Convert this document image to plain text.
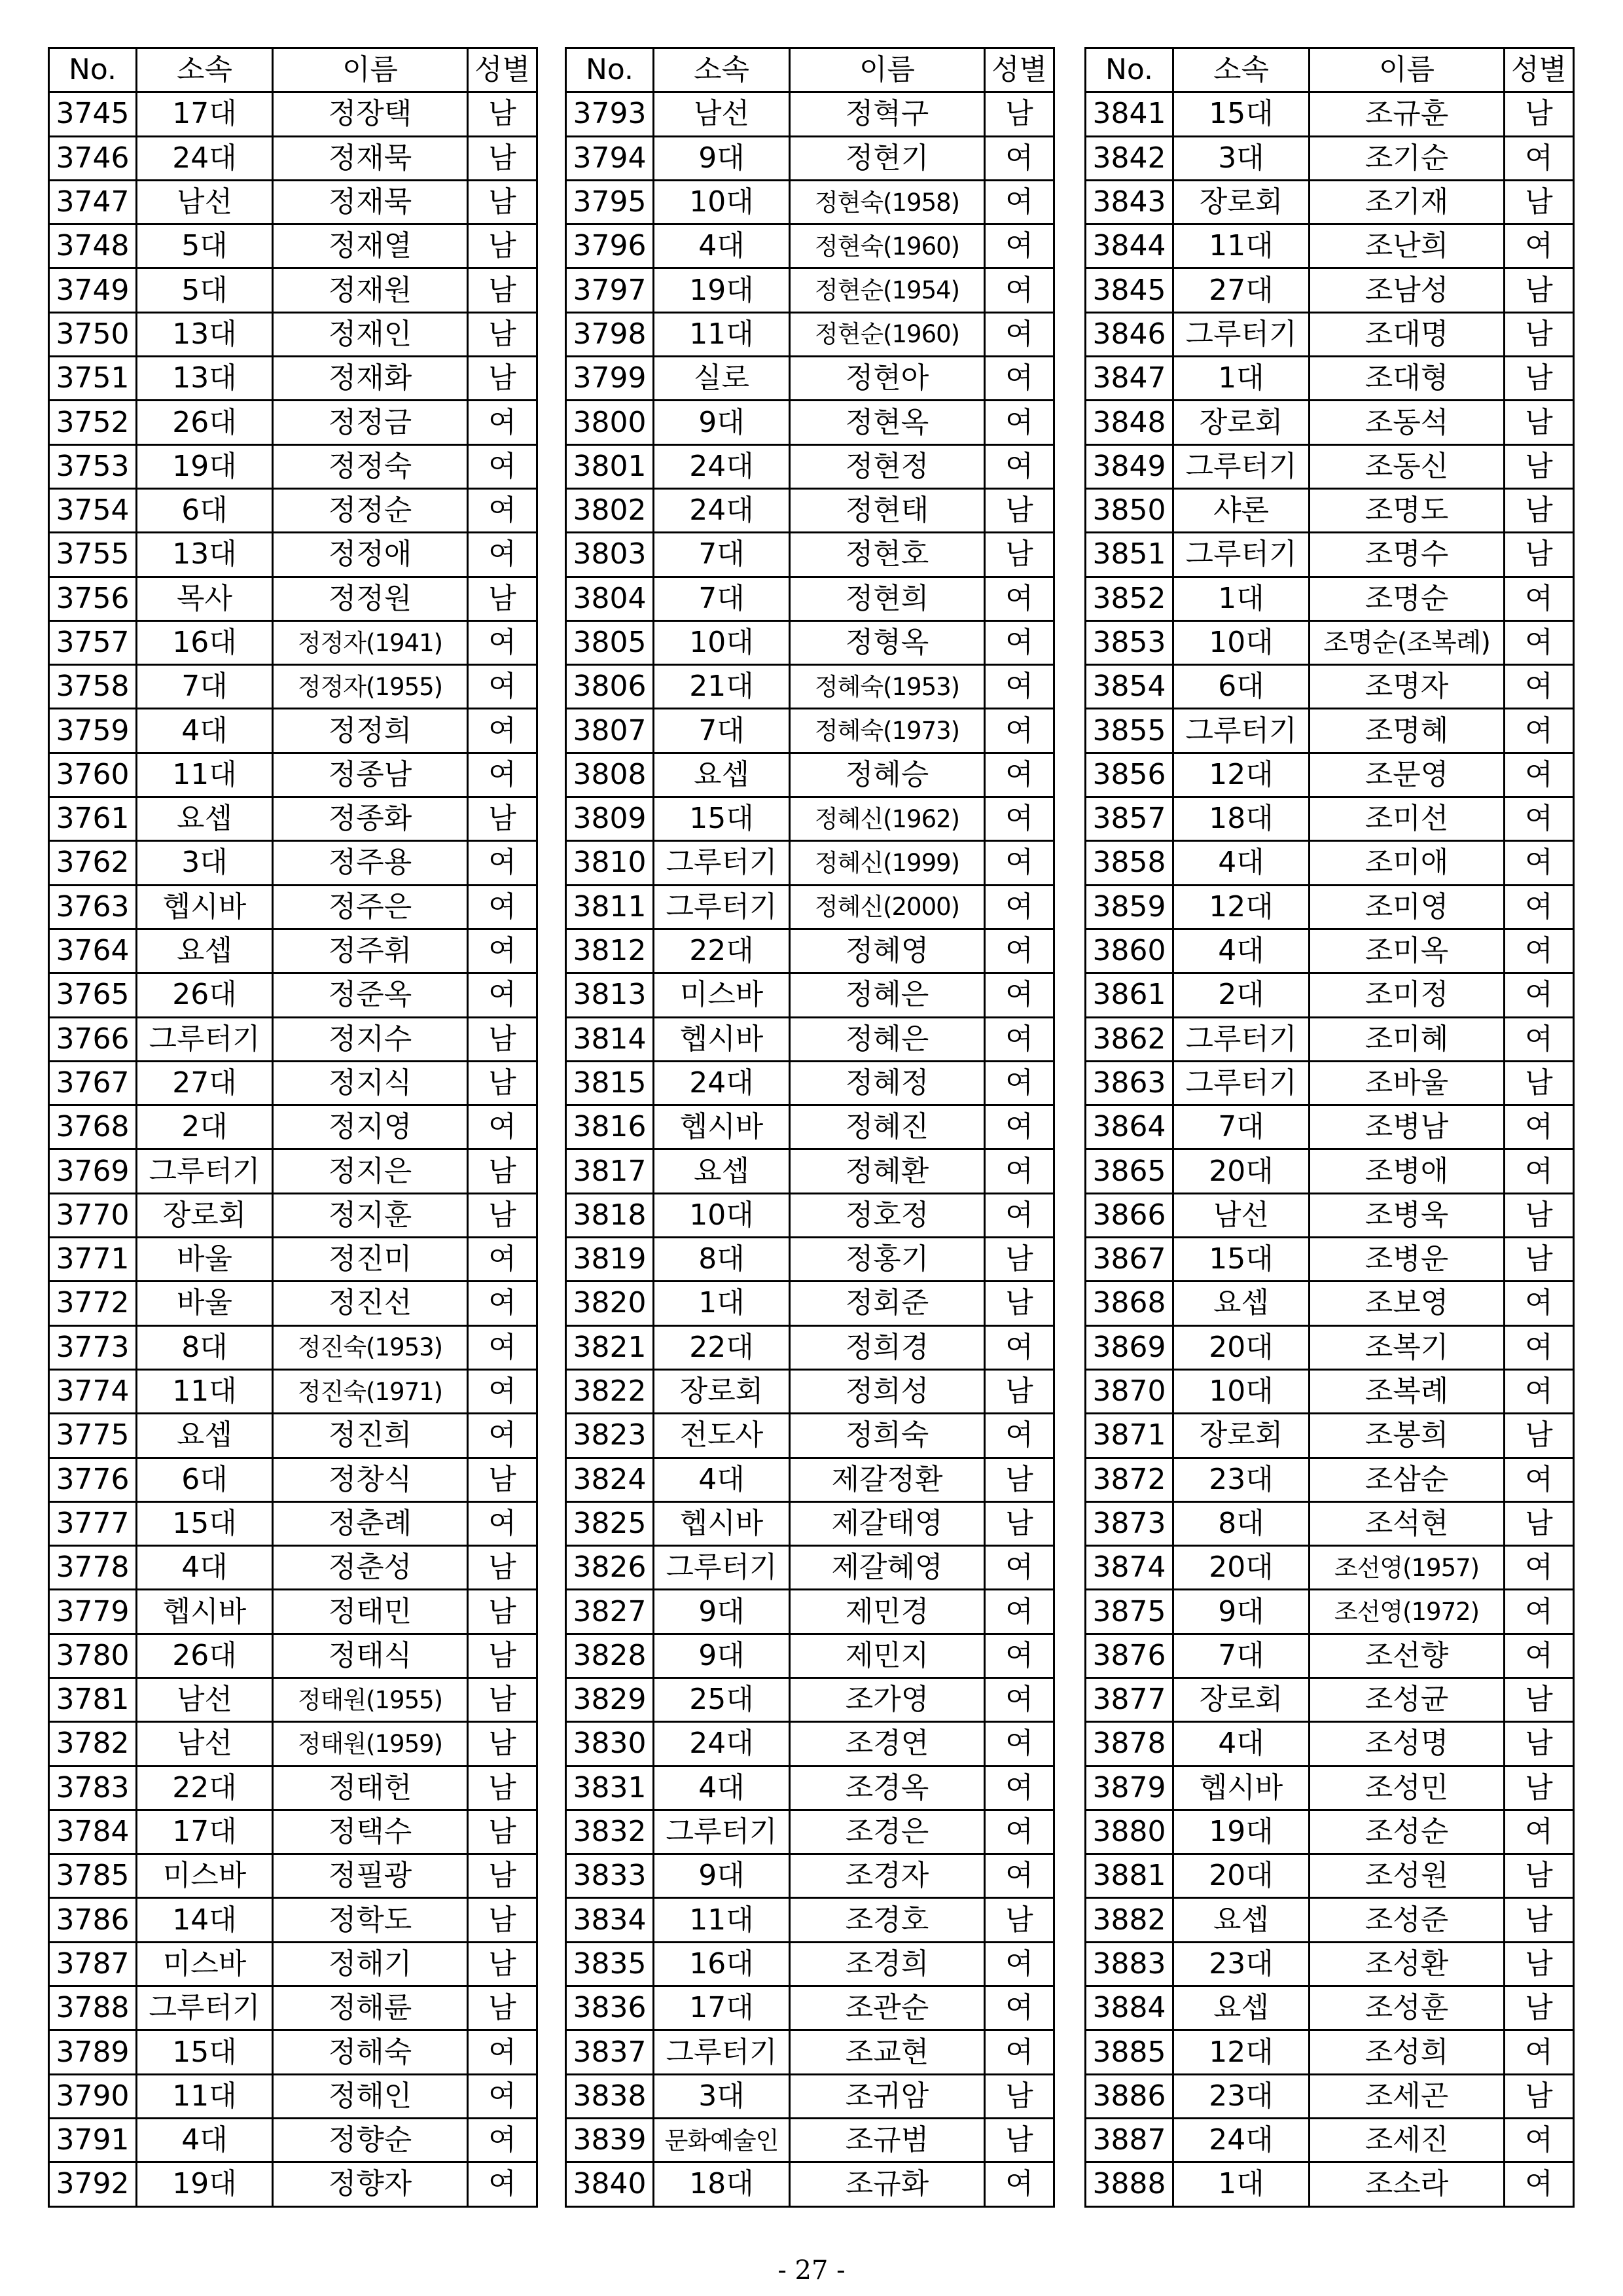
No.	소속	이름	성별
3745	17대	정장택	남
3746	24대	정재묵	남
3747	남선	정재묵	남
3748	5대	정재열	남
3749	5대	정재원	남
3750	13대	정재인	남
3751	13대	정재화	남
3752	26대	정정금	여
3753	19대	정정숙	여
3754	6대	정정순	여
3755	13대	정정애	여
3756	목사	정정원	남
3757	16대	정정자(1941)	여
3758	7대	정정자(1955)	여
3759	4대	정정희	여
3760	11대	정종남	여
3761	요셉	정종화	남
3762	3대	정주용	여
3763	헵시바	정주은	여
3764	요셉	정주휘	여
3765	26대	정준옥	여
3766	그루터기	정지수	남
3767	27대	정지식	남
3768	2대	정지영	여
3769	그루터기	정지은	남
3770	장로회	정지훈	남
3771	바울	정진미	여
3772	바울	정진선	여
3773	8대	정진숙(1953)	여
3774	11대	정진숙(1971)	여
3775	요셉	정진희	여
3776	6대	정창식	남
3777	15대	정춘례	여
3778	4대	정춘성	남
3779	헵시바	정태민	남
3780	26대	정태식	남
3781	남선	정태원(1955)	남
3782	남선	정태원(1959)	남
3783	22대	정태헌	남
3784	17대	정택수	남
3785	미스바	정필광	남
3786	14대	정학도	남
3787	미스바	정해기	남
3788	그루터기	정해륜	남
3789	15대	정해숙	여
3790	11대	정해인	여
3791	4대	정향순	여
3792	19대	정향자	여
No.	소속	이름	성별
3793	남선	정혁구	남
3794	9대	정현기	여
3795	10대	정현숙(1958)	여
3796	4대	정현숙(1960)	여
3797	19대	정현순(1954)	여
3798	11대	정현순(1960)	여
3799	실로	정현아	여
3800	9대	정현옥	여
3801	24대	정현정	여
3802	24대	정현태	남
3803	7대	정현호	남
3804	7대	정현희	여
3805	10대	정형옥	여
3806	21대	정혜숙(1953)	여
3807	7대	정혜숙(1973)	여
3808	요셉	정혜승	여
3809	15대	정혜신(1962)	여
3810	그루터기	정혜신(1999)	여
3811	그루터기	정혜신(2000)	여
3812	22대	정혜영	여
3813	미스바	정혜은	여
3814	헵시바	정혜은	여
3815	24대	정혜정	여
3816	헵시바	정혜진	여
3817	요셉	정혜환	여
3818	10대	정호정	여
3819	8대	정홍기	남
3820	1대	정회준	남
3821	22대	정희경	여
3822	장로회	정희성	남
3823	전도사	정희숙	여
3824	4대	제갈정환	남
3825	헵시바	제갈태영	남
3826	그루터기	제갈혜영	여
3827	9대	제민경	여
3828	9대	제민지	여
3829	25대	조가영	여
3830	24대	조경연	여
3831	4대	조경옥	여
3832	그루터기	조경은	여
3833	9대	조경자	여
3834	11대	조경호	남
3835	16대	조경희	여
3836	17대	조관순	여
3837	그루터기	조교현	여
3838	3대	조귀암	남
3839	문화예술인	조규범	남
3840	18대	조규화	여
No.	소속	이름	성별
3841	15대	조규훈	남
3842	3대	조기순	여
3843	장로회	조기재	남
3844	11대	조난희	여
3845	27대	조남성	남
3846	그루터기	조대명	남
3847	1대	조대형	남
3848	장로회	조동석	남
3849	그루터기	조동신	남
3850	샤론	조명도	남
3851	그루터기	조명수	남
3852	1대	조명순	여
3853	10대	조명순(조복례)	여
3854	6대	조명자	여
3855	그루터기	조명혜	여
3856	12대	조문영	여
3857	18대	조미선	여
3858	4대	조미애	여
3859	12대	조미영	여
3860	4대	조미옥	여
3861	2대	조미정	여
3862	그루터기	조미혜	여
3863	그루터기	조바울	남
3864	7대	조병남	여
3865	20대	조병애	여
3866	남선	조병욱	남
3867	15대	조병운	남
3868	요셉	조보영	여
3869	20대	조복기	여
3870	10대	조복례	여
3871	장로회	조봉희	남
3872	23대	조삼순	여
3873	8대	조석현	남
3874	20대	조선영(1957)	여
3875	9대	조선영(1972)	여
3876	7대	조선향	여
3877	장로회	조성균	남
3878	4대	조성명	남
3879	헵시바	조성민	남
3880	19대	조성순	여
3881	20대	조성원	남
3882	요셉	조성준	남
3883	23대	조성환	남
3884	요셉	조성훈	남
3885	12대	조성희	여
3886	23대	조세곤	남
3887	24대	조세진	여
3888	1대	조소라	여
- 27 -
